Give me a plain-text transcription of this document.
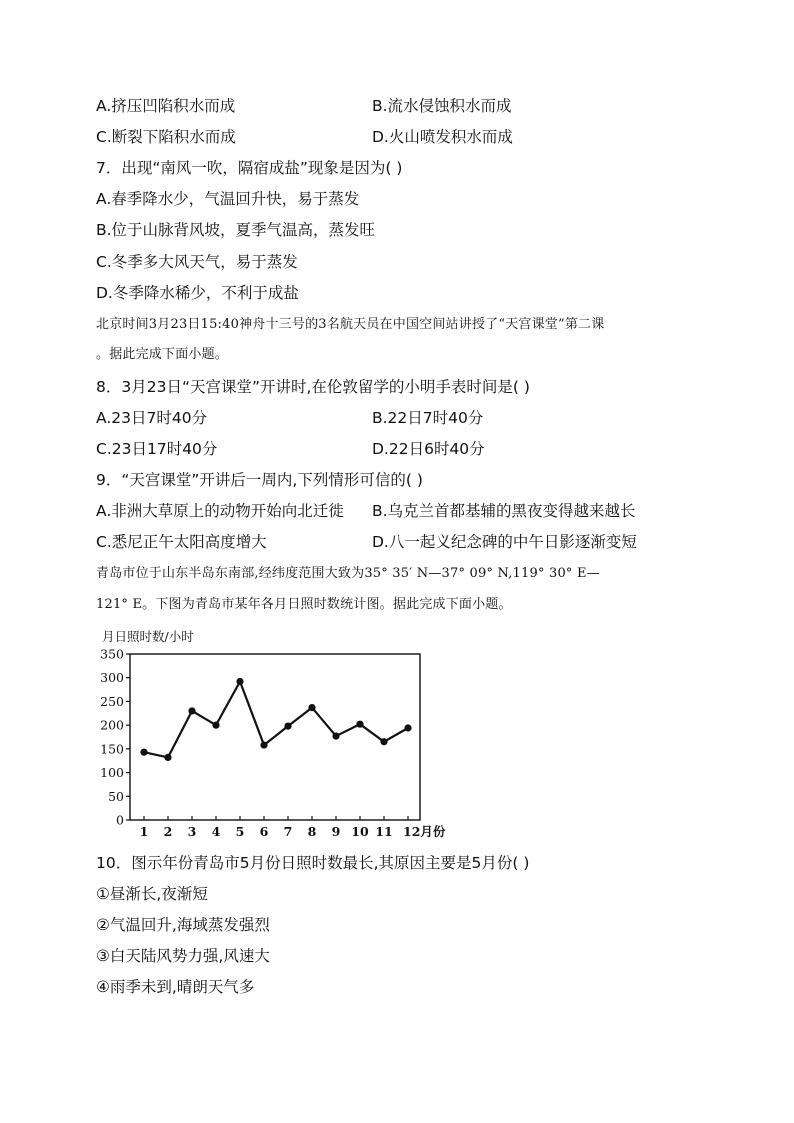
A.挤压凹陷积水而成	B.流水侵蚀积水而成
C.断裂下陷积水而成	D.火山喷发积水而成
7．出现“南风一吹，隔宿成盐”现象是因为( )
A.春季降水少，气温回升快，易于蒸发
B.位于山脉背风坡，夏季气温高，蒸发旺
C.冬季多大风天气，易于蒸发
D.冬季降水稀少，不利于成盐
北京时间3月23日15:40神舟十三号的3名航天员在中国空间站讲授了“天宫课堂”第二课
。据此完成下面小题。
8．3月23日“天宫课堂”开讲时,在伦敦留学的小明手表时间是( )
A.23日7时40分	B.22日7时40分
C.23日17时40分	D.22日6时40分
9．“天宫课堂”开讲后一周内,下列情形可信的( )
A.非洲大草原上的动物开始向北迁徙 B.乌克兰首都基辅的黑夜变得越来越长
C.悉尼正午太阳高度增大	D.八一起义纪念碑的中午日影逐渐变短
青岛市位于山东半岛东南部,经纬度范围大致为35° 35′ N—37° 09° N,119° 30° E—
121° E。下图为青岛市某年各月日照时数统计图。据此完成下面小题。
月日照时数/小时
0
50
100
150
200
250
300
350
1 2 3 4 5 6 7 8 9 10 11 12月份
10．图示年份青岛市5月份日照时数最长,其原因主要是5月份( )
①昼渐长,夜渐短
②气温回升,海域蒸发强烈
③白天陆风势力强,风速大
④雨季未到,晴朗天气多
